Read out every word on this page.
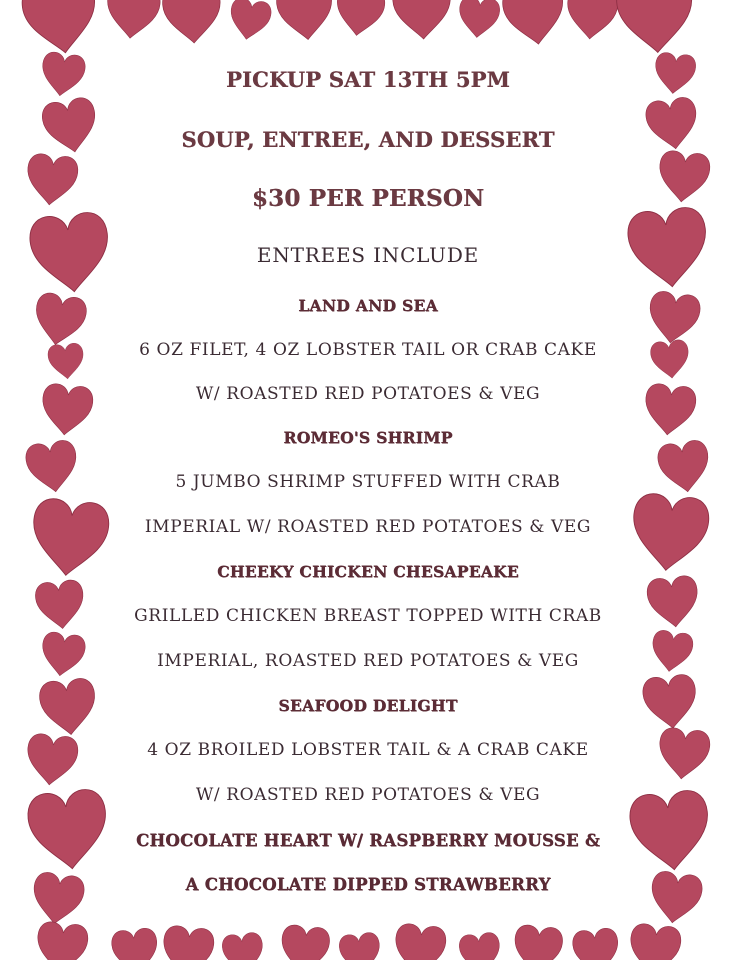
PICKUP SAT 13TH 5PM
SOUP, ENTREE, AND DESSERT
$30 PER PERSON
ENTREES INCLUDE
LAND AND SEA
6 OZ FILET, 4 OZ LOBSTER TAIL OR CRAB CAKE
W/ ROASTED RED POTATOES & VEG
ROMEO'S SHRIMP
5 JUMBO SHRIMP STUFFED WITH CRAB
IMPERIAL W/ ROASTED RED POTATOES & VEG
CHEEKY CHICKEN CHESAPEAKE
GRILLED CHICKEN BREAST TOPPED WITH CRAB
IMPERIAL, ROASTED RED POTATOES & VEG
SEAFOOD DELIGHT
4 OZ BROILED LOBSTER TAIL & A CRAB CAKE
W/ ROASTED RED POTATOES & VEG
CHOCOLATE HEART W/ RASPBERRY MOUSSE &
A CHOCOLATE DIPPED STRAWBERRY
